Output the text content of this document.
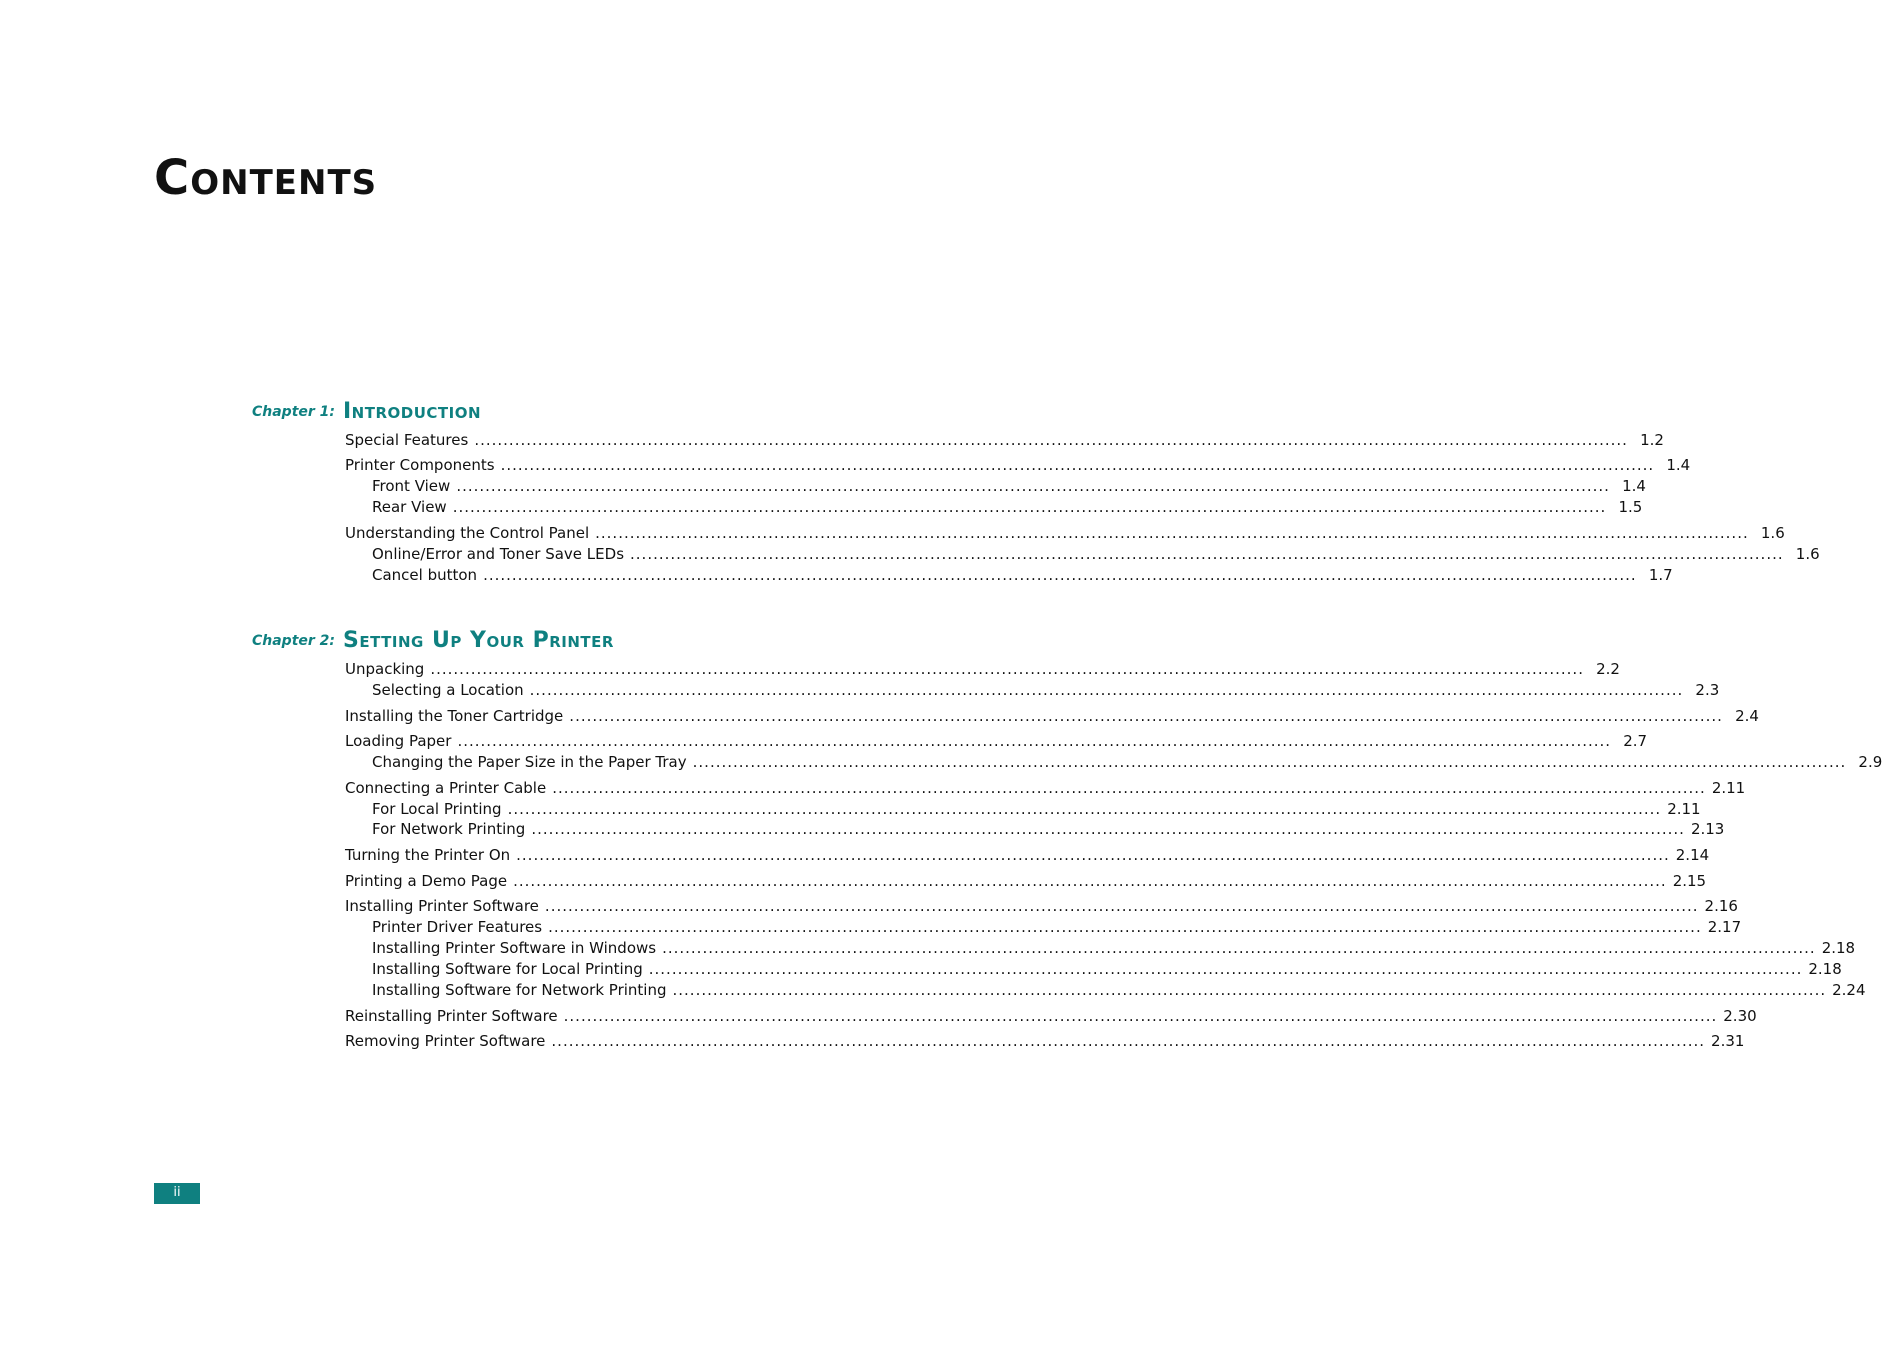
Contents
Chapter 1: Introduction
Special Features ........................................................................................................................................................................................................ 1.2
Printer Components ........................................................................................................................................................................................................ 1.4
Front View ........................................................................................................................................................................................................ 1.4
Rear View ........................................................................................................................................................................................................ 1.5
Understanding the Control Panel ........................................................................................................................................................................................................ 1.6
Online/Error and Toner Save LEDs ........................................................................................................................................................................................................ 1.6
Cancel button ........................................................................................................................................................................................................ 1.7
Chapter 2: Setting Up Your Printer
Unpacking ........................................................................................................................................................................................................ 2.2
Selecting a Location ........................................................................................................................................................................................................ 2.3
Installing the Toner Cartridge ........................................................................................................................................................................................................ 2.4
Loading Paper ........................................................................................................................................................................................................ 2.7
Changing the Paper Size in the Paper Tray ........................................................................................................................................................................................................ 2.9
Connecting a Printer Cable ........................................................................................................................................................................................................ 2.11
For Local Printing ........................................................................................................................................................................................................ 2.11
For Network Printing ........................................................................................................................................................................................................ 2.13
Turning the Printer On ........................................................................................................................................................................................................ 2.14
Printing a Demo Page ........................................................................................................................................................................................................ 2.15
Installing Printer Software ........................................................................................................................................................................................................ 2.16
Printer Driver Features ........................................................................................................................................................................................................ 2.17
Installing Printer Software in Windows ........................................................................................................................................................................................................ 2.18
Installing Software for Local Printing ........................................................................................................................................................................................................ 2.18
Installing Software for Network Printing ........................................................................................................................................................................................................ 2.24
Reinstalling Printer Software ........................................................................................................................................................................................................ 2.30
Removing Printer Software ........................................................................................................................................................................................................ 2.31
ii
